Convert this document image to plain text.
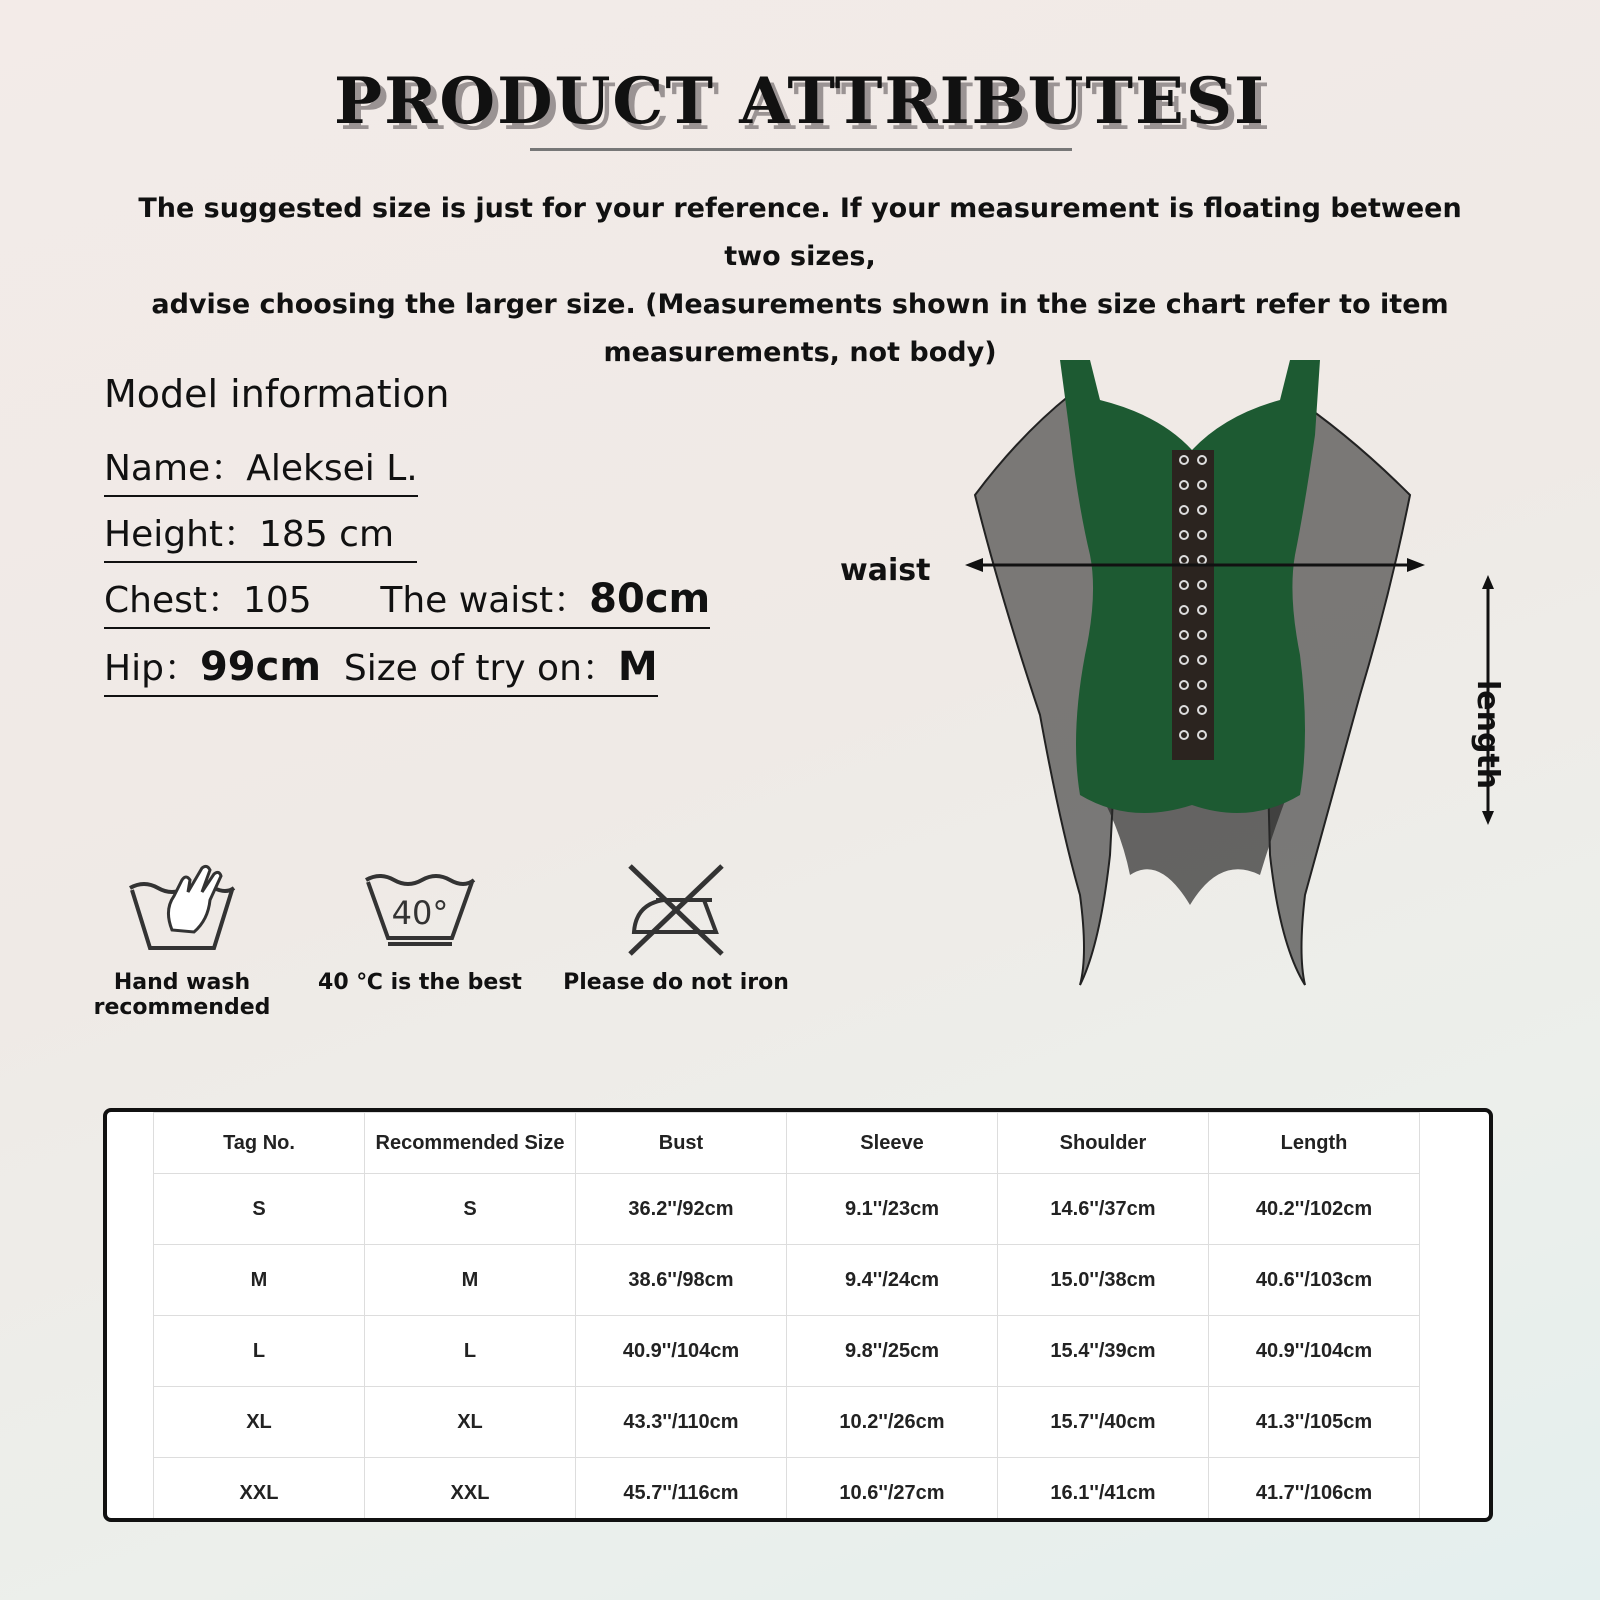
PRODUCT ATTRIBUTESI
The suggested size is just for your reference. If your measurement is floating between two sizes,
advise choosing the larger size. (Measurements shown in the size chart refer to item
measurements, not body)
Model information
Name：Aleksei L.
Height：185 cm
Chest：105 The waist：80cm
Hip：99cm Size of try on：M
waist
length
Hand wash
recommended
40°
40 ℃ is the best	Please do not iron
Tag No.	Recommended Size	Bust	Sleeve	Shoulder	Length
S	S	36.2''/92cm	9.1''/23cm	14.6''/37cm	40.2''/102cm
M	M	38.6''/98cm	9.4''/24cm	15.0''/38cm	40.6''/103cm
L	L	40.9''/104cm	9.8''/25cm	15.4''/39cm	40.9''/104cm
XL	XL	43.3''/110cm	10.2''/26cm	15.7''/40cm	41.3''/105cm
XXL	XXL	45.7''/116cm	10.6''/27cm	16.1''/41cm	41.7''/106cm
